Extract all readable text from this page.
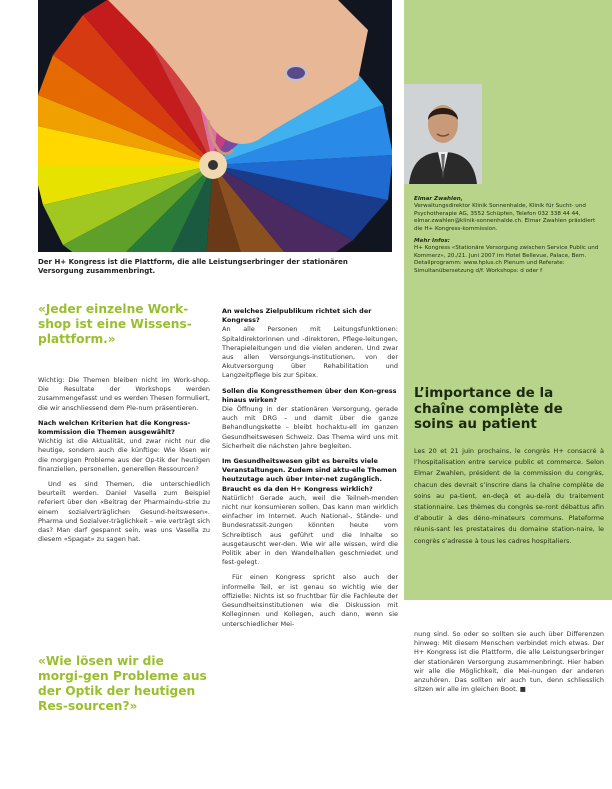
Der H+ Kongress ist die Plattform, die alle Leistungserbringer der stationären Versorgung zusammenbringt.
«Jeder einzelne Work-shop ist eine Wissens-plattform.»

Wichtig: Die Themen bleiben nicht im Work-shop. Die Resultate der Workshops werden zusammengefasst und es werden Thesen formuliert, die wir anschliessend dem Ple-num präsentieren.

Nach welchen Kriterien hat die Kongress-kommission die Themen ausgewählt?

Wichtig ist die Aktualität, und zwar nicht nur die heutige, sondern auch die künftige: Wie lösen wir die morgigen Probleme aus der Op-tik der heutigen finanziellen, personellen, generellen Ressourcen?

Und es sind Themen, die unterschiedlich beurteilt werden. Daniel Vasella zum Beispiel referiert über den «Beitrag der Pharmaindu-strie zu einem sozialverträglichen Gesund-heitswesen». Pharma und Sozialver-träglichkeit – wie verträgt sich das? Man darf gespannt sein, was uns Vasella zu diesem «Spagat» zu sagen hat.

«Wie lösen wir die morgi-gen Probleme aus der Optik der heutigen Res-sourcen?»
An welches Zielpublikum richtet sich der Kongress?

An alle Personen mit Leitungsfunktionen: Spitaldirektorinnen und -direktoren, Pflege-leitungen, Therapieleitungen und die vielen anderen. Und zwar aus allen Versorgungs-institutionen, von der Akutversorgung über Rehabilitation und Langzeitpflege bis zur Spitex.

Sollen die Kongressthemen über den Kon-gress hinaus wirken?

Die Öffnung in der stationären Versorgung, gerade auch mit DRG – und damit über die ganze Behandlungskette – bleibt hochaktu-ell im ganzen Gesundheitswesen Schweiz. Das Thema wird uns mit Sicherheit die nächsten Jahre begleiten.

Im Gesundheitswesen gibt es bereits viele Veranstaltungen. Zudem sind aktu-elle Themen heutzutage auch über Inter-net zugänglich. Braucht es da den H+ Kongress wirklich?

Natürlich! Gerade auch, weil die Teilneh-menden nicht nur konsumieren sollen. Das kann man wirklich einfacher im Internet. Auch National-, Stände- und Bundesratssit-zungen könnten heute vom Schreibtisch aus geführt und die Inhalte so ausgetauscht wer-den. Wie wir alle wissen, wird die Politik aber in den Wandelhallen geschmiedet und fest-gelegt.

Für einen Kongress spricht also auch der informelle Teil, er ist genau so wichtig wie der offizielle: Nichts ist so fruchtbar für die Fachleute der Gesundheitsinstitutionen wie die Diskussion mit Kolleginnen und Kollegen, auch dann, wenn sie unterschiedlicher Mei-

Elmar Zwahlen,
Verwaltungsdirektor Klinik Sonnenhalde, Klinik für Sucht- und Psychotherapie AG, 3552 Schüpfen, Telefon 032 338 44 44, elmar.zwahlen@klinik-sonnenhalde.ch. Elmar Zwahlen präsidiert die H+ Kongress-kommission.
Mehr Infos:
H+ Kongress «Stationäre Versorgung zwischen Service Public und Kommerz», 20./21. Juni 2007 im Hotel Bellevue, Palace, Bern. Detailprogramm: www.hplus.ch Plenum und Referate: Simultanübersetzung d/f. Workshops: d oder f
L’importance de la chaîne complète de soins au patient
Les 20 et 21 juin prochains, le congrès H+ consacré à l’hospitalisation entre service public et commerce. Selon Elmar Zwahlen, président de la commission du congrès, chacun des devrait s’inscrire dans la chaîne complète de soins au pa-tient, en-deçà et au-delà du traitement stationnaire. Les thèmes du congrès se-ront débattus afin d’aboutir à des déno-minateurs communs. Plateforme réunis-sant les prestataires du domaine station-naire, le congrès s’adresse à tous les cadres hospitaliers.

nung sind. So oder so sollten sie auch über Differenzen hinweg: Mit diesem Menschen verbindet mich etwas. Der H+ Kongress ist die Plattform, die alle Leistungserbringer der stationären Versorgung zusammenbringt. Hier haben wir alle die Möglichkeit, die Mei-nungen der anderen anzuhören. Das sollten wir auch tun, denn schliesslich sitzen wir alle im gleichen Boot. ■
